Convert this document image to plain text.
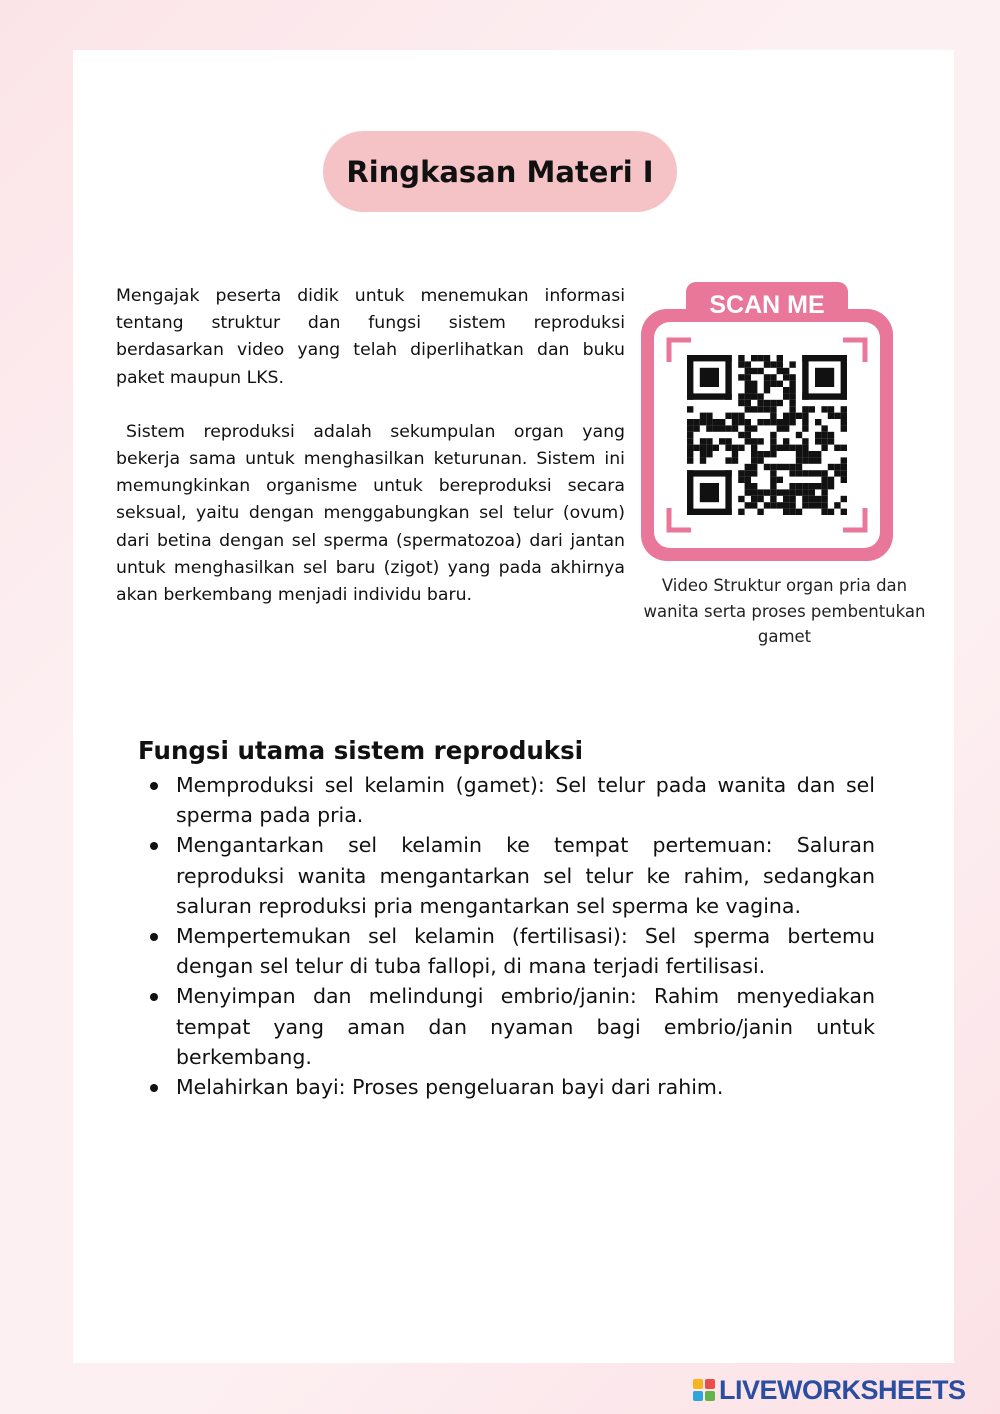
Ringkasan Materi I

Mengajak peserta didik untuk menemukan informasi tentang struktur dan fungsi sistem reproduksi berdasarkan video yang telah diperlihatkan dan buku paket maupun LKS.

Sistem reproduksi adalah sekumpulan organ yang bekerja sama untuk menghasilkan keturunan. Sistem ini memungkinkan organisme untuk bereproduksi secara seksual, yaitu dengan menggabungkan sel telur (ovum) dari betina dengan sel sperma (spermatozoa) dari jantan untuk menghasilkan sel baru (zigot) yang pada akhirnya akan berkembang menjadi individu baru.

SCAN ME
Video Struktur organ pria dan wanita serta proses pembentukan gamet
Fungsi utama sistem reproduksi
Memproduksi sel kelamin (gamet): Sel telur pada wanita dan sel sperma pada pria.
Mengantarkan sel kelamin ke tempat pertemuan: Saluran reproduksi wanita mengantarkan sel telur ke rahim, sedangkan saluran reproduksi pria mengantarkan sel sperma ke vagina.
Mempertemukan sel kelamin (fertilisasi): Sel sperma bertemu dengan sel telur di tuba fallopi, di mana terjadi fertilisasi.
Menyimpan dan melindungi embrio/janin: Rahim menyediakan tempat yang aman dan nyaman bagi embrio/janin untuk berkembang.
Melahirkan bayi: Proses pengeluaran bayi dari rahim.
LIVEWORKSHEETS
